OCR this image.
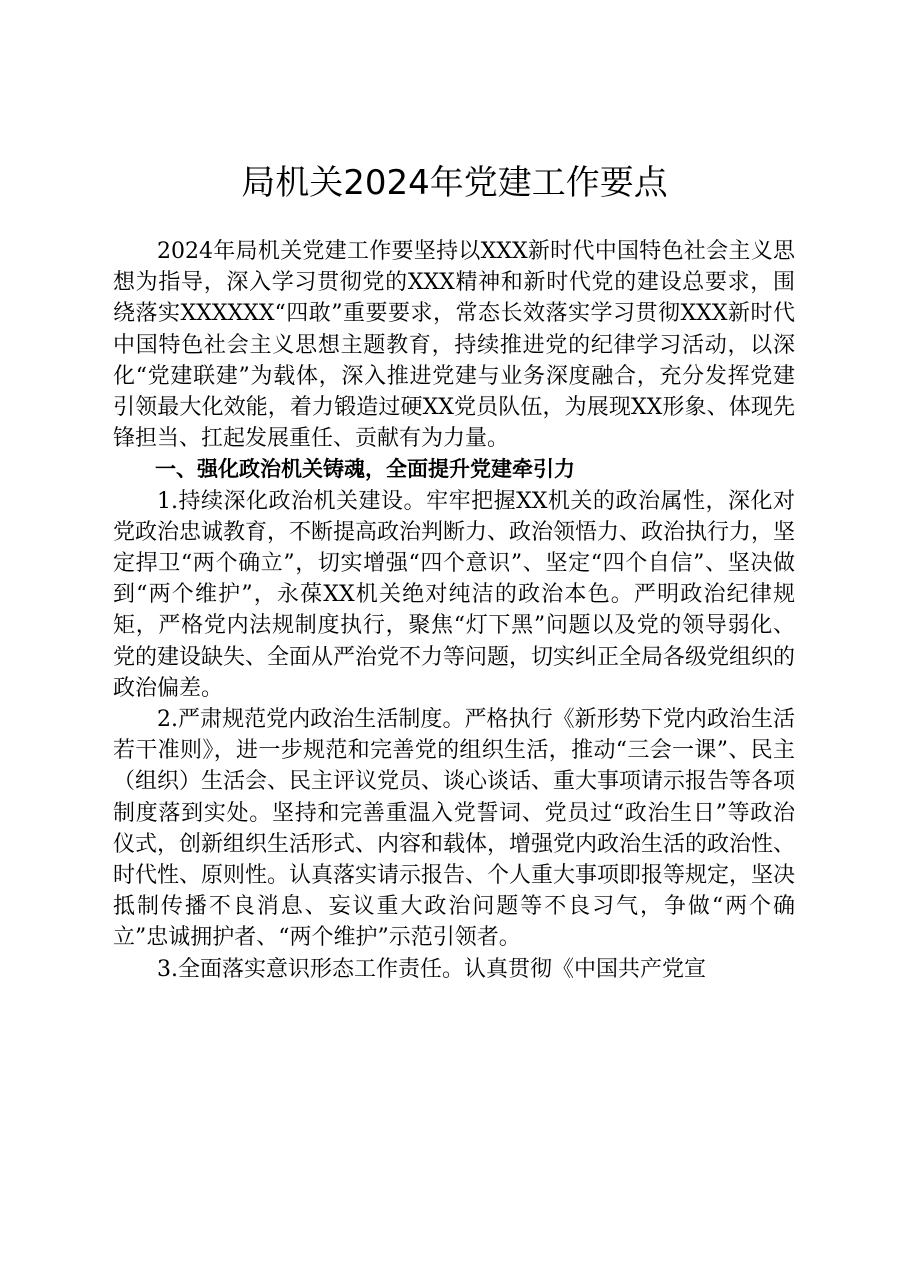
局机关2024年党建工作要点

2024年局机关党建工作要坚持以XXX新时代中国特色社会主义思想为指导，深入学习贯彻党的XXX精神和新时代党的建设总要求，围绕落实XXXXXX“四敢”重要要求，常态长效落实学习贯彻XXX新时代中国特色社会主义思想主题教育，持续推进党的纪律学习活动，以深化“党建联建”为载体，深入推进党建与业务深度融合，充分发挥党建引领最大化效能，着力锻造过硬XX党员队伍，为展现XX形象、体现先锋担当、扛起发展重任、贡献有为力量。

一、强化政治机关铸魂，全面提升党建牵引力

1.持续深化政治机关建设。牢牢把握XX机关的政治属性，深化对党政治忠诚教育，不断提高政治判断力、政治领悟力、政治执行力，坚定捍卫“两个确立”，切实增强“四个意识”、坚定“四个自信”、坚决做到“两个维护”，永葆XX机关绝对纯洁的政治本色。严明政治纪律规矩，严格党内法规制度执行，聚焦“灯下黑”问题以及党的领导弱化、党的建设缺失、全面从严治党不力等问题，切实纠正全局各级党组织的政治偏差。

2.严肃规范党内政治生活制度。严格执行《新形势下党内政治生活若干准则》，进一步规范和完善党的组织生活，推动“三会一课”、民主（组织）生活会、民主评议党员、谈心谈话、重大事项请示报告等各项制度落到实处。坚持和完善重温入党誓词、党员过“政治生日”等政治仪式，创新组织生活形式、内容和载体，增强党内政治生活的政治性、时代性、原则性。认真落实请示报告、个人重大事项即报等规定，坚决抵制传播不良消息、妄议重大政治问题等不良习气，争做“两个确立”忠诚拥护者、“两个维护”示范引领者。

3.全面落实意识形态工作责任。认真贯彻《中国共产党宣
